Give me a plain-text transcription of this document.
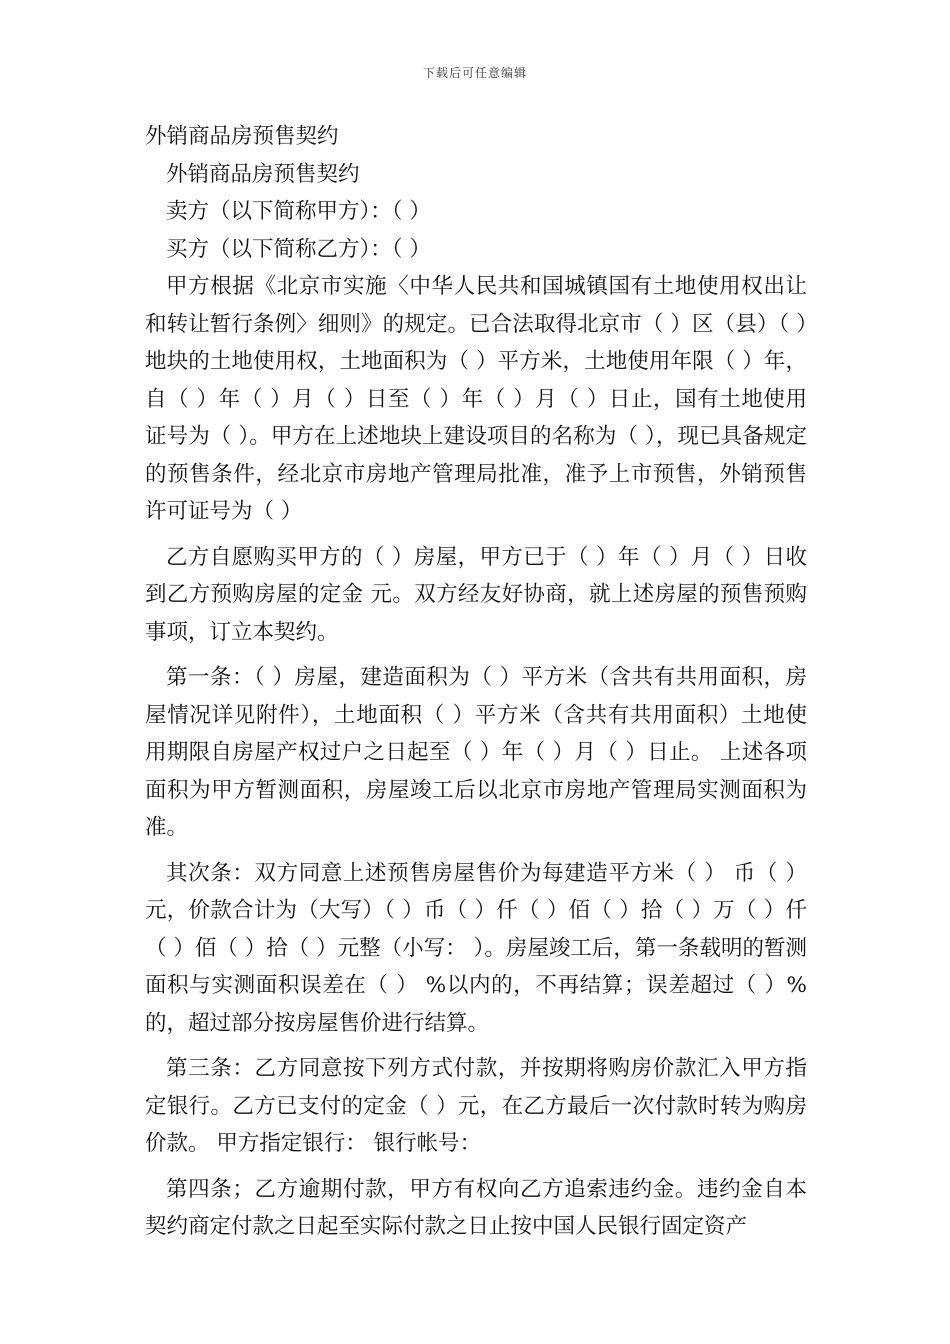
下载后可任意编辑
外销商品房预售契约
外销商品房预售契约
卖方（以下简称甲方）：（ ）
买方（以下简称乙方）：（ ）

甲方根据《北京市实施〈中华人民共和国城镇国有土地使用权出让和转让暂行条例〉细则》的规定。已合法取得北京市（ ）区（县）（ ）地块的土地使用权，土地面积为（ ）平方米，土地使用年限（ ）年，自（ ）年（ ）月（ ）日至（ ）年（ ）月（ ）日止，国有土地使用证号为（ ）。甲方在上述地块上建设项目的名称为（ ），现已具备规定的预售条件，经北京市房地产管理局批准，准予上市预售，外销预售许可证号为（ ）

乙方自愿购买甲方的（ ）房屋，甲方已于（ ）年（ ）月（ ）日收到乙方预购房屋的定金 元。双方经友好协商，就上述房屋的预售预购事项，订立本契约。

第一条：（ ）房屋，建造面积为（ ）平方米（含共有共用面积，房屋情况详见附件），土地面积（ ）平方米（含共有共用面积）土地使用期限自房屋产权过户之日起至（ ）年（ ）月（ ）日止。 上述各项面积为甲方暂测面积，房屋竣工后以北京市房地产管理局实测面积为准。

其次条：双方同意上述预售房屋售价为每建造平方米（ ） 币（ ）元，价款合计为（大写）（ ）币（ ）仟（ ）佰（ ）拾（ ）万（ ）仟（ ）佰（ ）拾（ ）元整（小写： ）。房屋竣工后，第一条载明的暂测面积与实测面积误差在（ ） %以内的，不再结算；误差超过（ ）%的，超过部分按房屋售价进行结算。

第三条：乙方同意按下列方式付款，并按期将购房价款汇入甲方指定银行。乙方已支付的定金（ ）元，在乙方最后一次付款时转为购房价款。 甲方指定银行： 银行帐号：

第四条；乙方逾期付款，甲方有权向乙方追索违约金。违约金自本契约商定付款之日起至实际付款之日止按中国人民银行固定资产
